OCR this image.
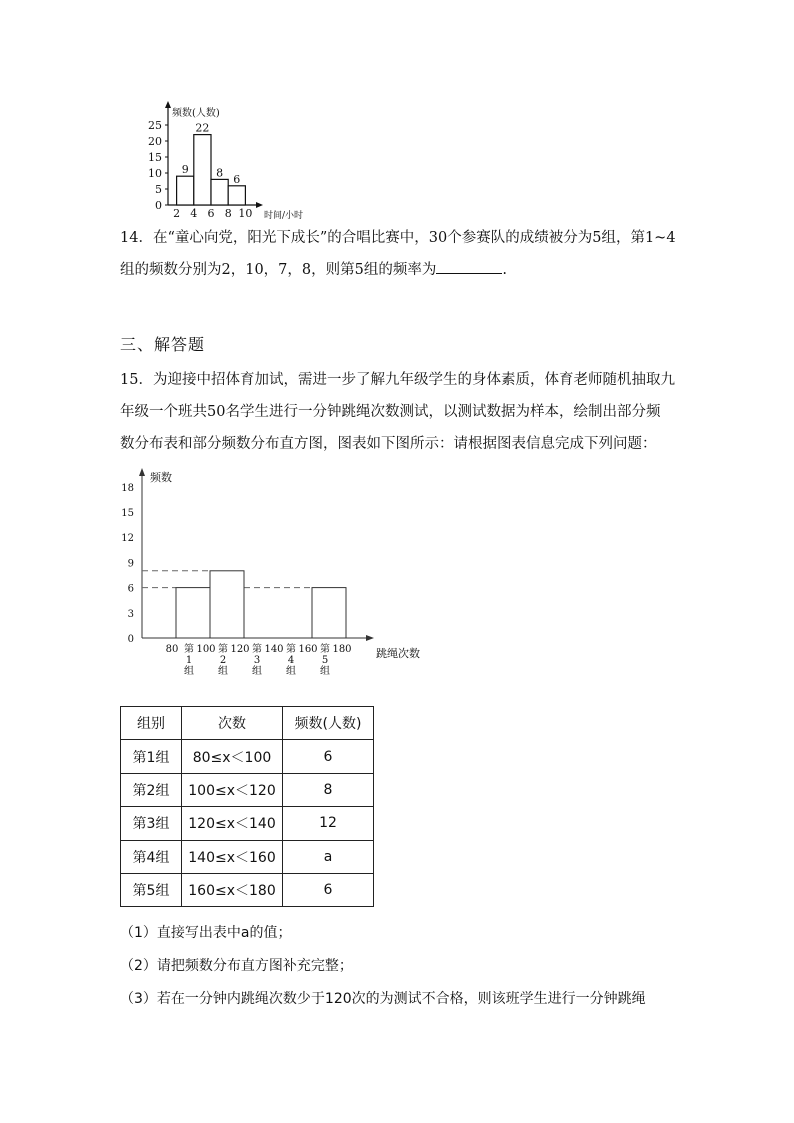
频数(人数)
时间/小时
25
20
15
10
5
0
2 4 6 8 10
9
22
8 6
14．在“童心向党，阳光下成长”的合唱比赛中，30个参赛队的成绩被分为5组，第1~4
组的频数分别为2，10，7，8，则第5组的频率为	.
三、解答题
15．为迎接中招体育加试，需进一步了解九年级学生的身体素质，体育老师随机抽取九
年级一个班共50名学生进行一分钟跳绳次数测试，以测试数据为样本，绘制出部分频
数分布表和部分频数分布直方图，图表如下图所示：请根据图表信息完成下列问题：
频数
跳绳次数
18
15
12
9
6
3
0
80 100 120 140 160 180
第
1
组
第
2
组
第
3
组
第
4
组
第
5
组
组别	次数	频数(人数)
第1组	80≤x＜100	6
第2组	100≤x＜120	8
第3组	120≤x＜140	12
第4组	140≤x＜160	a
第5组	160≤x＜180	6
（1）直接写出表中a的值；
（2）请把频数分布直方图补充完整；
（3）若在一分钟内跳绳次数少于120次的为测试不合格，则该班学生进行一分钟跳绳
